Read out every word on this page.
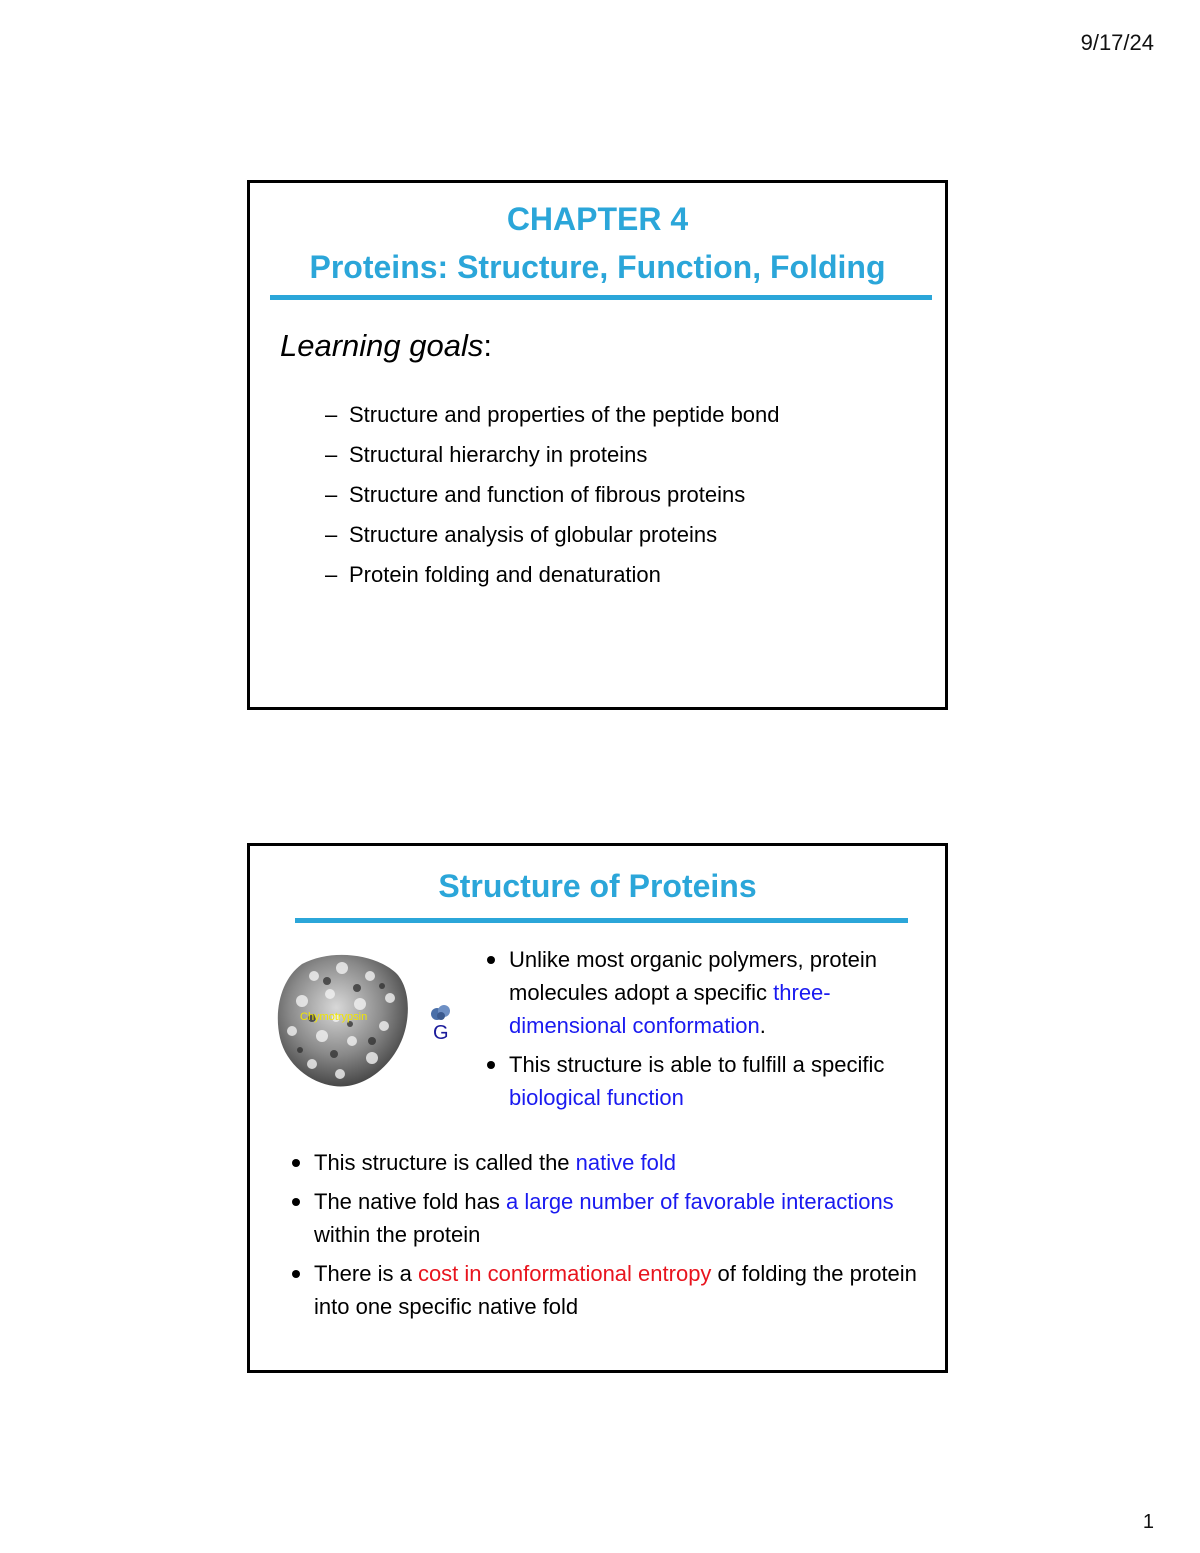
9/17/24
CHAPTER 4
Proteins: Structure, Function, Folding
Learning goals:
– Structure and properties of the peptide bond
– Structural hierarchy in proteins
– Structure and function of fibrous proteins
– Structure analysis of globular proteins
– Protein folding and denaturation
Structure of Proteins
Chymotrypsin
G
Unlike most organic polymers, protein molecules adopt a specific three-dimensional conformation.
This structure is able to fulfill a specific biological function
This structure is called the native fold
The native fold has a large number of favorable interactions within the protein
There is a cost in conformational entropy of folding the protein into one specific native fold
1
